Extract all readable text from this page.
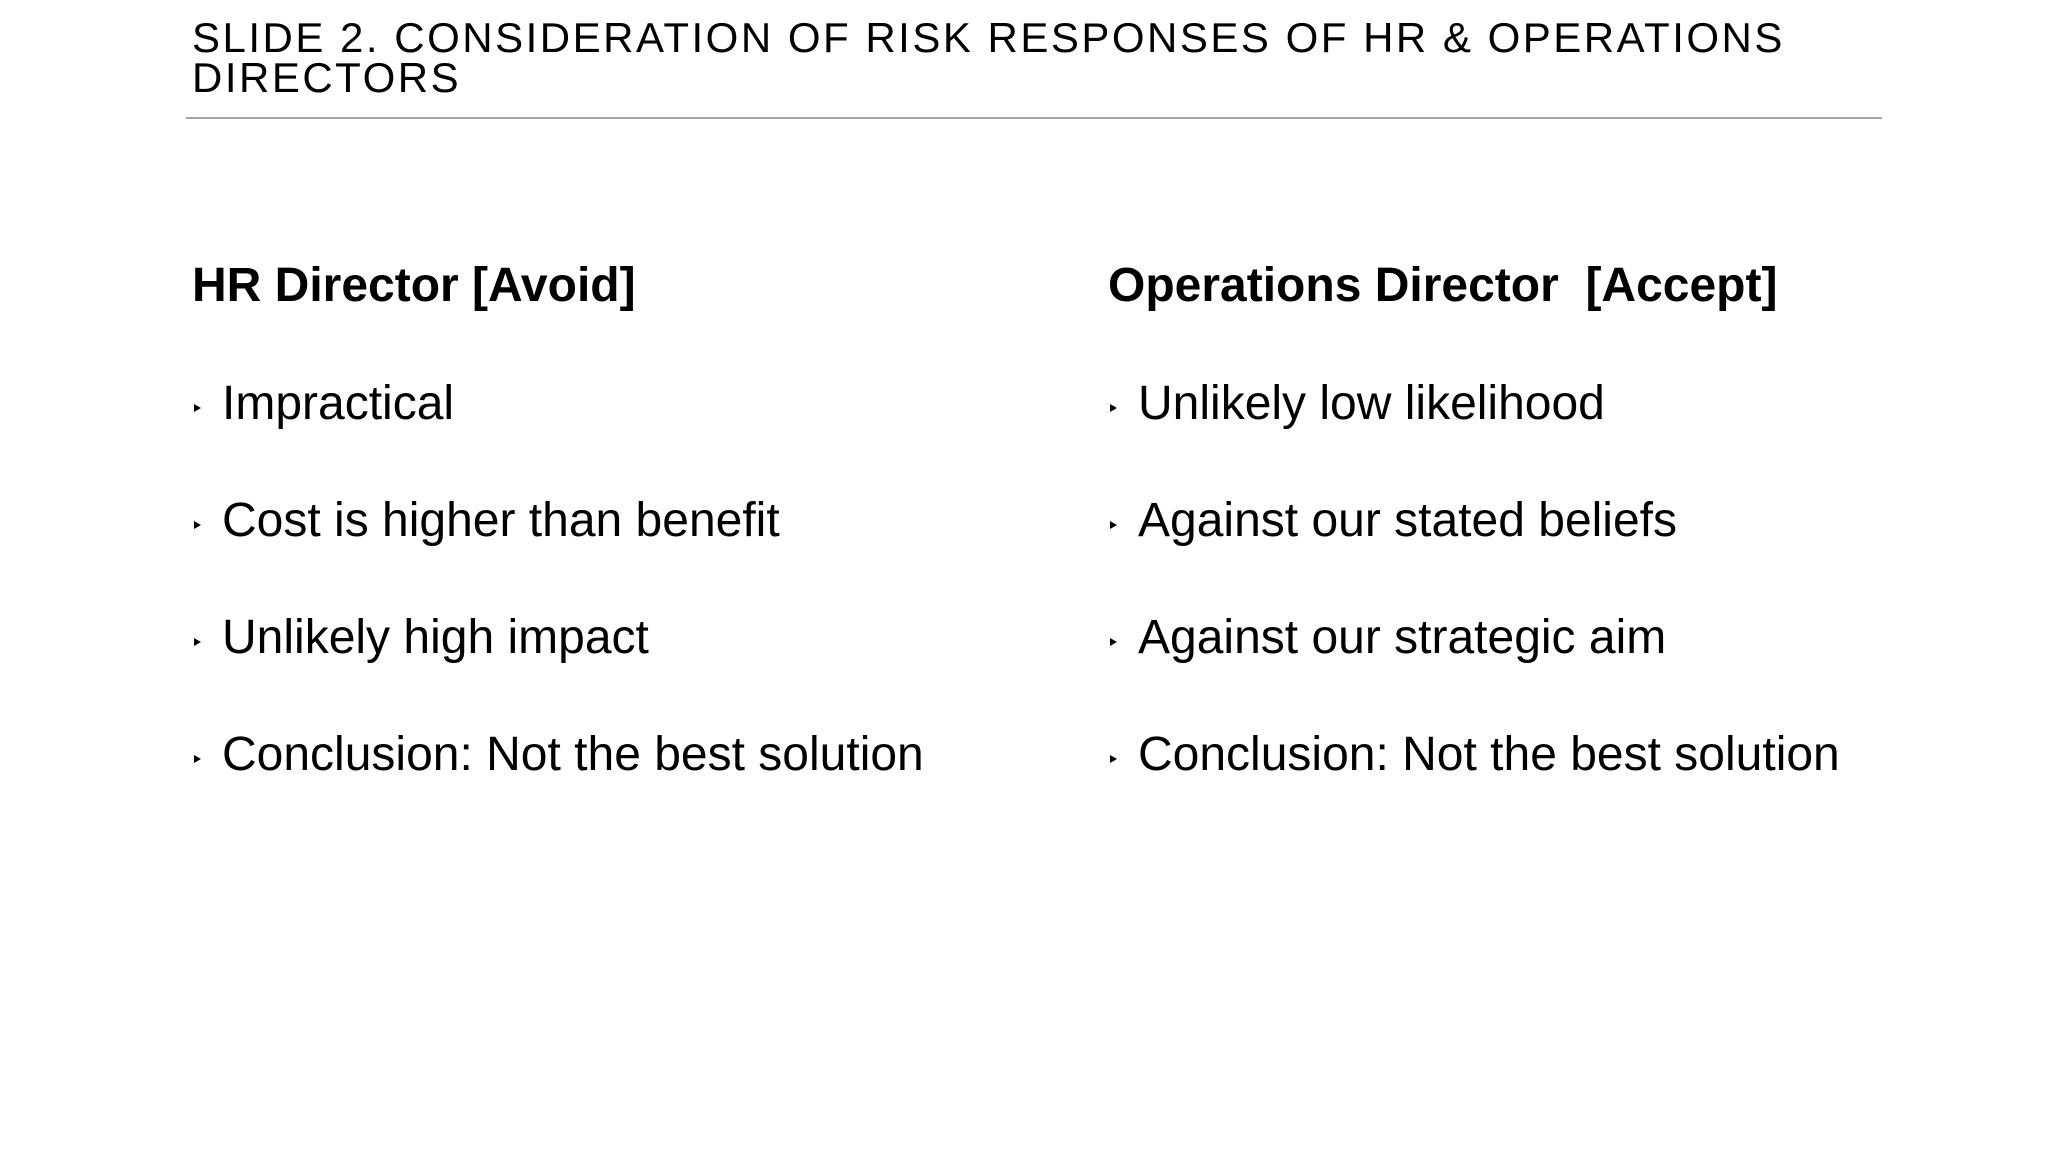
SLIDE 2. CONSIDERATION OF RISK RESPONSES OF HR & OPERATIONS DIRECTORS
HR Director [Avoid]
Impractical
Cost is higher than benefit
Unlikely high impact
Conclusion: Not the best solution
Operations Director  [Accept]
Unlikely low likelihood
Against our stated beliefs
Against our strategic aim
Conclusion: Not the best solution
